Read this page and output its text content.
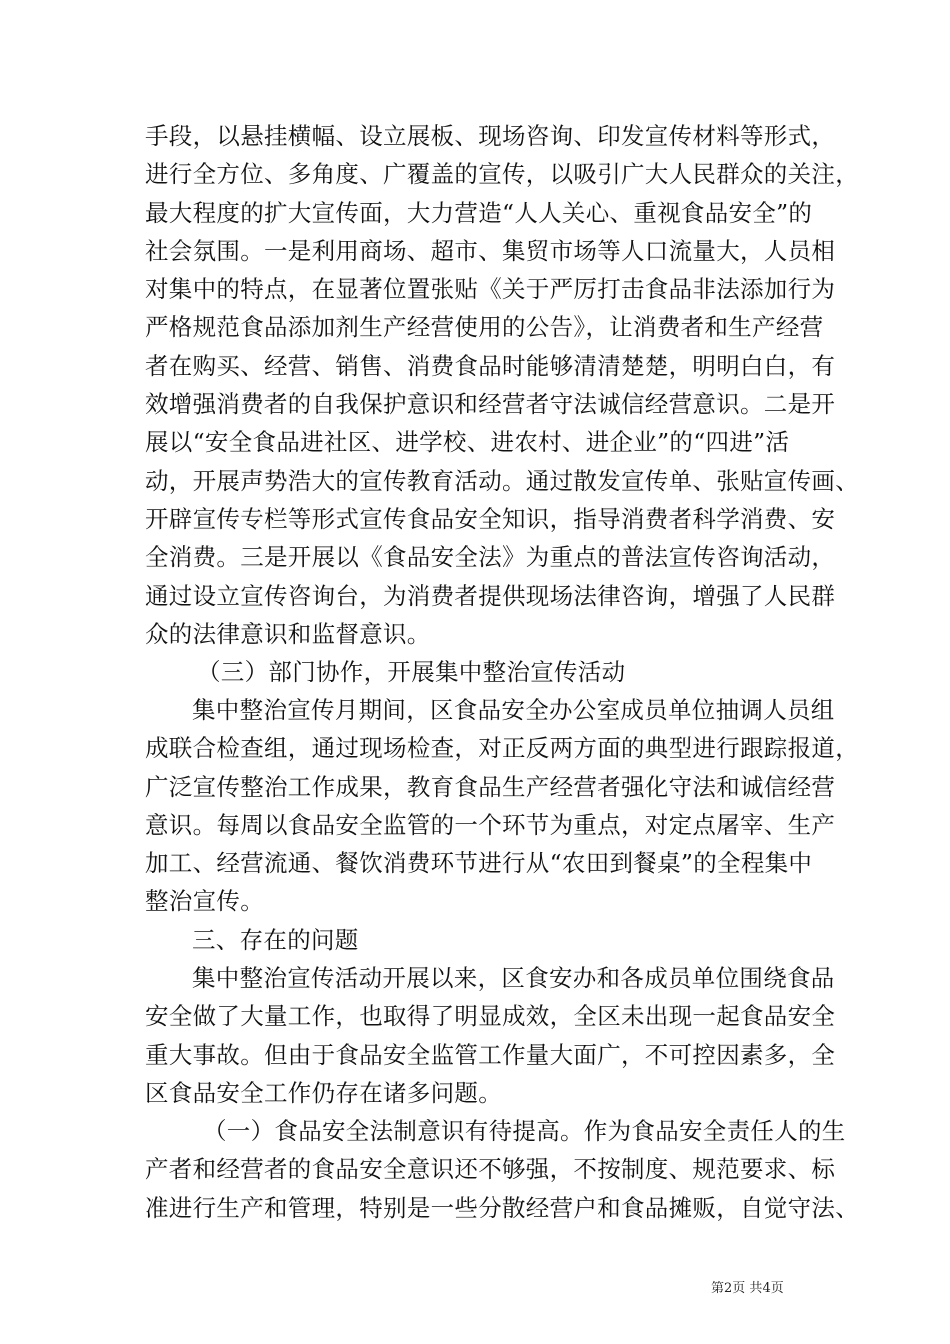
手段，以悬挂横幅、设立展板、现场咨询、印发宣传材料等形式，
进行全方位、多角度、广覆盖的宣传，以吸引广大人民群众的关注，
最大程度的扩大宣传面，大力营造“人人关心、重视食品安全”的
社会氛围。一是利用商场、超市、集贸市场等人口流量大，人员相
对集中的特点，在显著位置张贴《关于严厉打击食品非法添加行为
严格规范食品添加剂生产经营使用的公告》，让消费者和生产经营
者在购买、经营、销售、消费食品时能够清清楚楚，明明白白，有
效增强消费者的自我保护意识和经营者守法诚信经营意识。二是开
展以“安全食品进社区、进学校、进农村、进企业”的“四进”活
动，开展声势浩大的宣传教育活动。通过散发宣传单、张贴宣传画、
开辟宣传专栏等形式宣传食品安全知识，指导消费者科学消费、安
全消费。三是开展以《食品安全法》为重点的普法宣传咨询活动，
通过设立宣传咨询台，为消费者提供现场法律咨询，增强了人民群
众的法律意识和监督意识。
（三）部门协作，开展集中整治宣传活动
集中整治宣传月期间，区食品安全办公室成员单位抽调人员组
成联合检查组，通过现场检查，对正反两方面的典型进行跟踪报道，
广泛宣传整治工作成果，教育食品生产经营者强化守法和诚信经营
意识。每周以食品安全监管的一个环节为重点，对定点屠宰、生产
加工、经营流通、餐饮消费环节进行从“农田到餐桌”的全程集中
整治宣传。
三、存在的问题
集中整治宣传活动开展以来，区食安办和各成员单位围绕食品
安全做了大量工作，也取得了明显成效，全区未出现一起食品安全
重大事故。但由于食品安全监管工作量大面广，不可控因素多，全
区食品安全工作仍存在诸多问题。
（一）食品安全法制意识有待提高。作为食品安全责任人的生
产者和经营者的食品安全意识还不够强，不按制度、规范要求、标
准进行生产和管理，特别是一些分散经营户和食品摊贩，自觉守法、
第2页 共4页
